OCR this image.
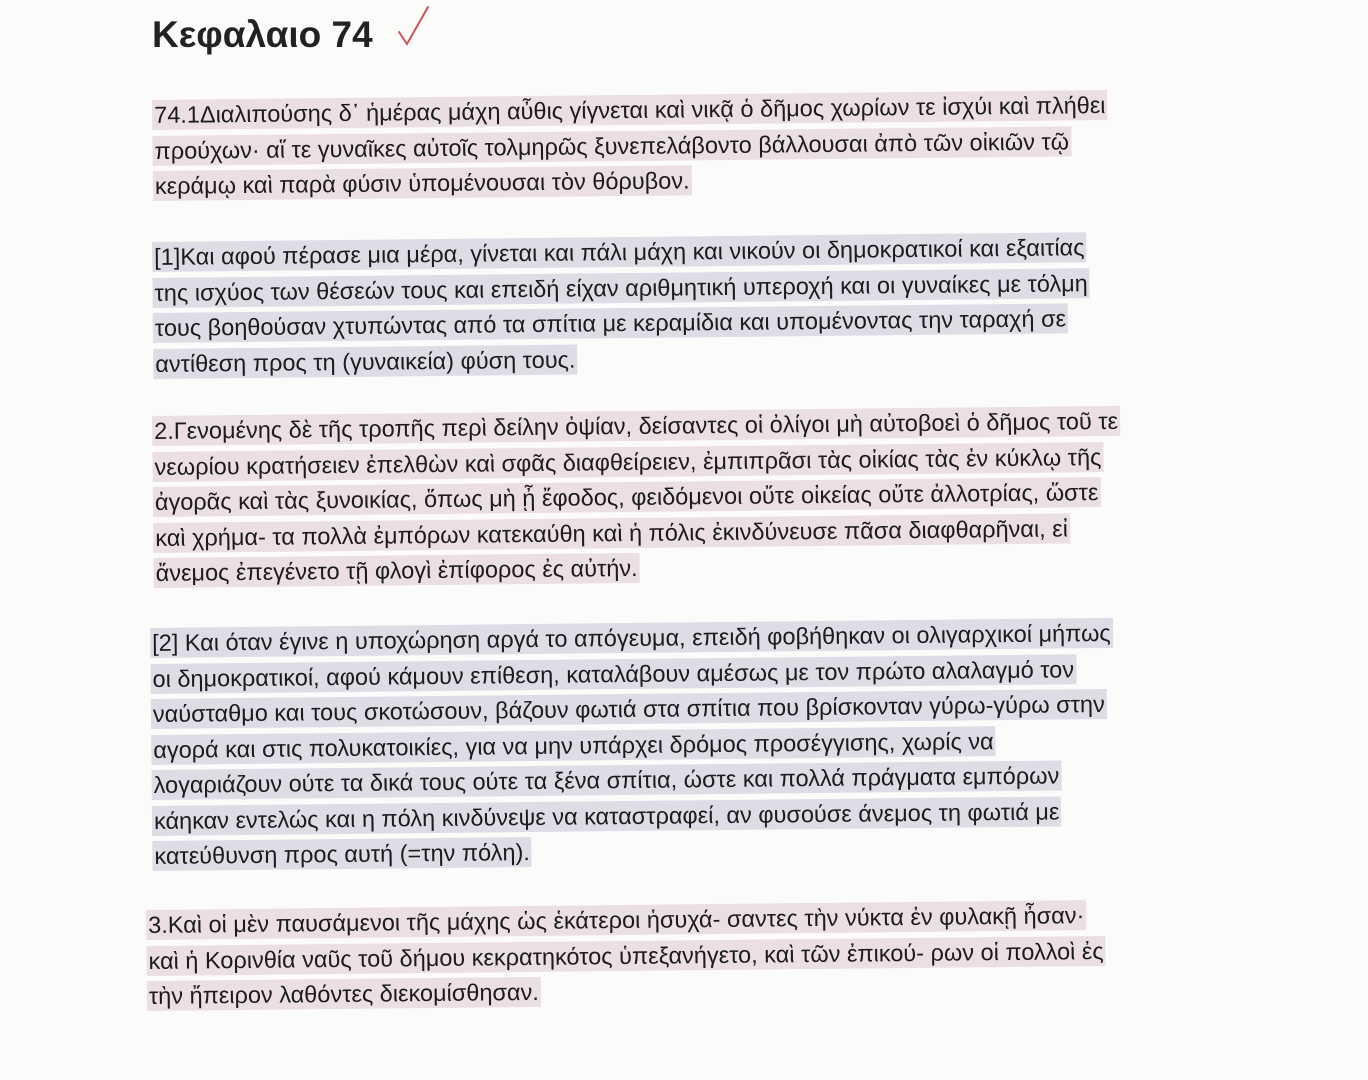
Κεφαλαιο 74
74.1Διαλιπούσης δ᾽ ἡμέρας μάχη αὖθις γίγνεται καὶ νικᾷ ὁ δῆμος χωρίων τε ἰσχύι καὶ πλήθει
προύχων· αἵ τε γυναῖκες αὐτοῖς τολμηρῶς ξυνεπελάβοντο βάλλουσαι ἀπὸ τῶν οἰκιῶν τῷ
κεράμῳ καὶ παρὰ φύσιν ὑπομένουσαι τὸν θόρυβον.
[1]Και αφού πέρασε μια μέρα, γίνεται και πάλι μάχη και νικούν οι δημοκρατικοί και εξαιτίας
της ισχύος των θέσεών τους και επειδή είχαν αριθμητική υπεροχή και οι γυναίκες με τόλμη
τους βοηθούσαν χτυπώντας από τα σπίτια με κεραμίδια και υπομένοντας την ταραχή σε
αντίθεση προς τη (γυναικεία) φύση τους.
2.Γενομένης δὲ τῆς τροπῆς περὶ δείλην ὀψίαν, δείσαντες οἱ ὀλίγοι μὴ αὐτοβοεὶ ὁ δῆμος τοῦ τε
νεωρίου κρατήσειεν ἐπελθὼν καὶ σφᾶς διαφθείρειεν, ἐμπιπρᾶσι τὰς οἰκίας τὰς ἐν κύκλῳ τῆς
ἀγορᾶς καὶ τὰς ξυνοικίας, ὅπως μὴ ᾖ ἔφοδος, φειδόμενοι οὔτε οἰκείας οὔτε ἀλλοτρίας, ὥστε
καὶ χρήμα- τα πολλὰ ἐμπόρων κατεκαύθη καὶ ἡ πόλις ἐκινδύνευσε πᾶσα διαφθαρῆναι, εἰ
ἄνεμος ἐπεγένετο τῇ φλογὶ ἐπίφορος ἐς αὐτήν.
[2] Και όταν έγινε η υποχώρηση αργά το απόγευμα, επειδή φοβήθηκαν οι ολιγαρχικοί μήπως
οι δημοκρατικοί, αφού κάμουν επίθεση, καταλάβουν αμέσως με τον πρώτο αλαλαγμό τον
ναύσταθμο και τους σκοτώσουν, βάζουν φωτιά στα σπίτια που βρίσκονταν γύρω-γύρω στην
αγορά και στις πολυκατοικίες, για να μην υπάρχει δρόμος προσέγγισης, χωρίς να
λογαριάζουν ούτε τα δικά τους ούτε τα ξένα σπίτια, ώστε και πολλά πράγματα εμπόρων
κάηκαν εντελώς και η πόλη κινδύνεψε να καταστραφεί, αν φυσούσε άνεμος τη φωτιά με
κατεύθυνση προς αυτή (=την πόλη).
3.Καὶ οἱ μὲν παυσάμενοι τῆς μάχης ὡς ἑκάτεροι ἡσυχά- σαντες τὴν νύκτα ἐν φυλακῇ ἦσαν·
καὶ ἡ Κορινθία ναῦς τοῦ δήμου κεκρατηκότος ὑπεξανήγετο, καὶ τῶν ἐπικού- ρων οἱ πολλοὶ ἐς
τὴν ἤπειρον λαθόντες διεκομίσθησαν.
